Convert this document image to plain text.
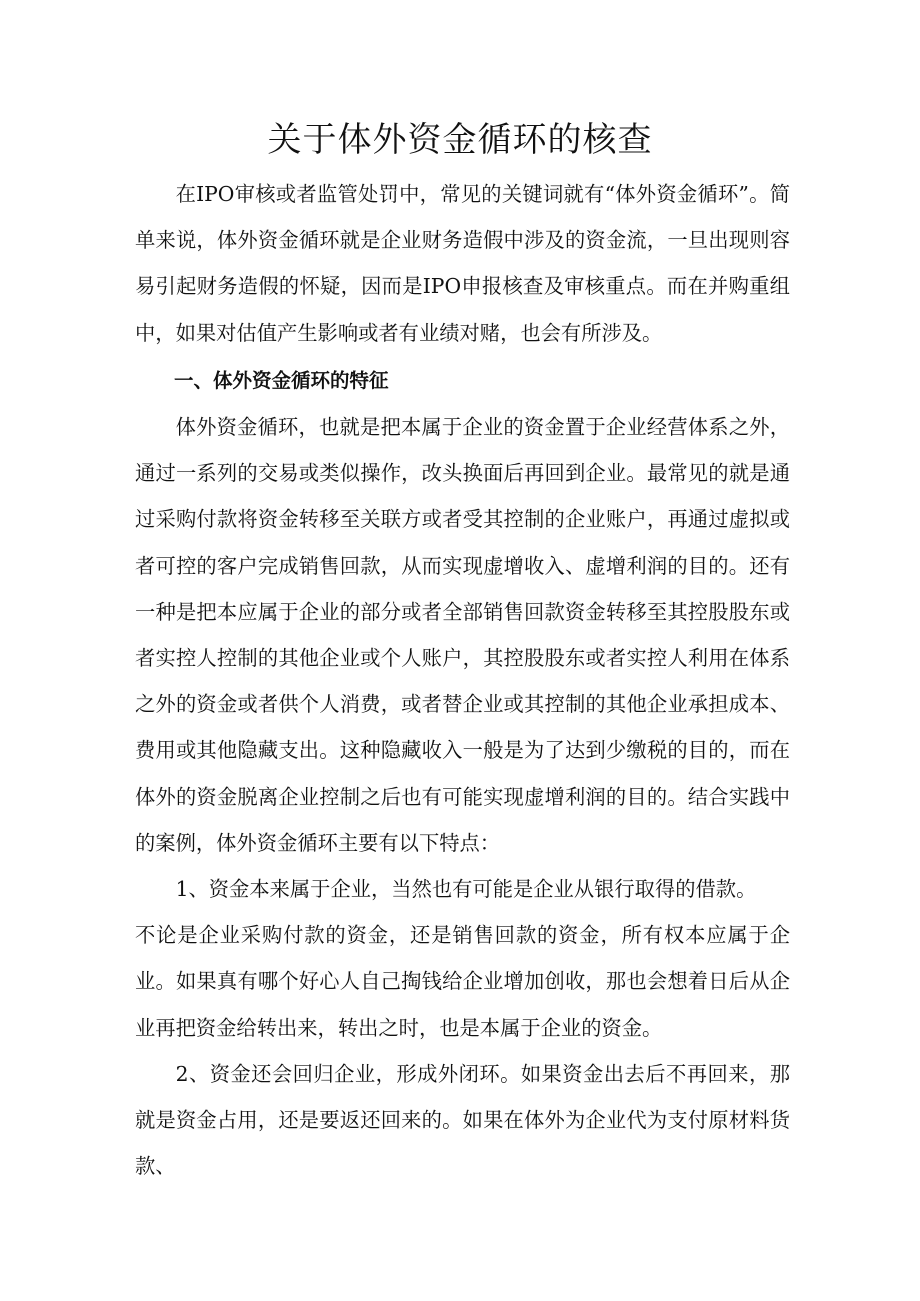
关于体外资金循环的核查

在IPO审核或者监管处罚中，常见的关键词就有“体外资金循环”。简单来说，体外资金循环就是企业财务造假中涉及的资金流，一旦出现则容易引起财务造假的怀疑，因而是IPO申报核查及审核重点。而在并购重组中，如果对估值产生影响或者有业绩对赌，也会有所涉及。

一、体外资金循环的特征

体外资金循环，也就是把本属于企业的资金置于企业经营体系之外，通过一系列的交易或类似操作，改头换面后再回到企业。最常见的就是通过采购付款将资金转移至关联方或者受其控制的企业账户，再通过虚拟或者可控的客户完成销售回款，从而实现虚增收入、虚增利润的目的。还有一种是把本应属于企业的部分或者全部销售回款资金转移至其控股股东或者实控人控制的其他企业或个人账户，其控股股东或者实控人利用在体系之外的资金或者供个人消费，或者替企业或其控制的其他企业承担成本、费用或其他隐藏支出。这种隐藏收入一般是为了达到少缴税的目的，而在体外的资金脱离企业控制之后也有可能实现虚增利润的目的。结合实践中的案例，体外资金循环主要有以下特点：

1、资金本来属于企业，当然也有可能是企业从银行取得的借款。

不论是企业采购付款的资金，还是销售回款的资金，所有权本应属于企业。如果真有哪个好心人自己掏钱给企业增加创收，那也会想着日后从企业再把资金给转出来，转出之时，也是本属于企业的资金。

2、资金还会回归企业，形成外闭环。如果资金出去后不再回来，那就是资金占用，还是要返还回来的。如果在体外为企业代为支付原材料货款、
